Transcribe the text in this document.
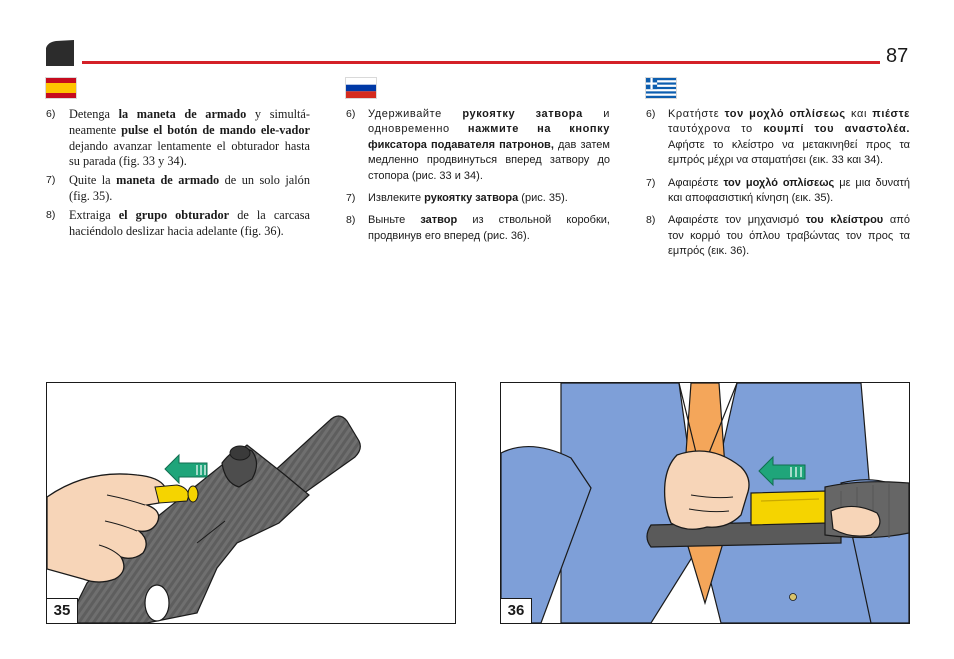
87

6) Detenga la maneta de armado y simultá-neamente pulse el botón de mando ele-vador dejando avanzar lentamente el obturador hasta su parada (fig. 33 y 34).

7) Quite la maneta de armado de un solo jalón (fig. 35).

8) Extraiga el grupo obturador de la carcasa haciéndolo deslizar hacia adelante (fig. 36).

6) Удерживайте рукоятку затвора и одновременно нажмите на кнопку фиксатора подавателя патронов, дав затем медленно продвинуться вперед затвору до стопора (рис. 33 и 34).

7) Извлеките рукоятку затвора (рис. 35).

8) Выньте затвор из ствольной коробки, продвинув его вперед (рис. 36).

6) Κρατήστε τον μοχλό οπλίσεως και πιέστε ταυτόχρονα το κουμπί του αναστολέα. Αφήστε το κλείστρο να μετακινηθεί προς τα εμπρός μέχρι να σταματήσει (εικ. 33 και 34).

7) Αφαιρέστε τον μοχλό οπλίσεως με μια δυνατή και αποφασιστική κίνηση (εικ. 35).

8) Αφαιρέστε τον μηχανισμό του κλείστρου από τον κορμό του όπλου τραβώντας τον προς τα εμπρός (εικ. 36).

35	36
